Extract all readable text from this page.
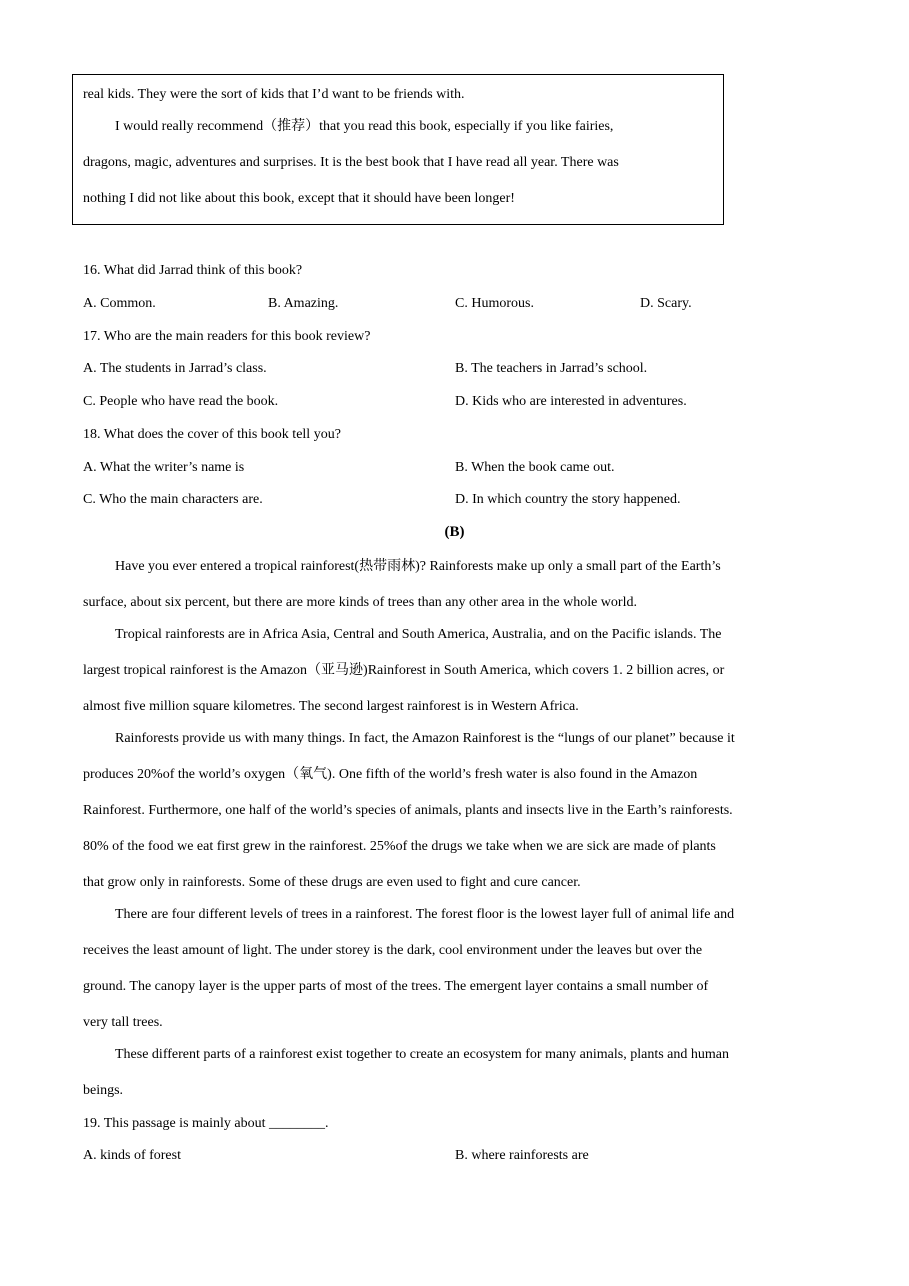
real kids. They were the sort of kids that I’d want to be friends with.
I would really recommend（推荐）that you read this book, especially if you like fairies,
dragons, magic, adventures and surprises. It is the best book that I have read all year. There was
nothing I did not like about this book, except that it should have been longer!
16. What did Jarrad think of this book?
A. Common.	B. Amazing.	C. Humorous.	D. Scary.
17. Who are the main readers for this book review?
A. The students in Jarrad’s class.	B. The teachers in Jarrad’s school.
C. People who have read the book.	D. Kids who are interested in adventures.
18. What does the cover of this book tell you?
A. What the writer’s name is	B. When the book came out.
C. Who the main characters are.	D. In which country the story happened.
(B)
Have you ever entered a tropical rainforest(热带雨林)? Rainforests make up only a small part of the Earth’s
surface, about six percent, but there are more kinds of trees than any other area in the whole world.
Tropical rainforests are in Africa Asia, Central and South America, Australia, and on the Pacific islands. The
largest tropical rainforest is the Amazon（亚马逊)Rainforest in South America, which covers 1. 2 billion acres, or
almost five million square kilometres. The second largest rainforest is in Western Africa.
Rainforests provide us with many things. In fact, the Amazon Rainforest is the “lungs of our planet” because it
produces 20%of the world’s oxygen（氧气). One fifth of the world’s fresh water is also found in the Amazon
Rainforest. Furthermore, one half of the world’s species of animals, plants and insects live in the Earth’s rainforests.
80% of the food we eat first grew in the rainforest. 25%of the drugs we take when we are sick are made of plants
that grow only in rainforests. Some of these drugs are even used to fight and cure cancer.
There are four different levels of trees in a rainforest. The forest floor is the lowest layer full of animal life and
receives the least amount of light. The under storey is the dark, cool environment under the leaves but over the
ground. The canopy layer is the upper parts of most of the trees. The emergent layer contains a small number of
very tall trees.
These different parts of a rainforest exist together to create an ecosystem for many animals, plants and human
beings.
19. This passage is mainly about ________.
A. kinds of forest	B. where rainforests are
